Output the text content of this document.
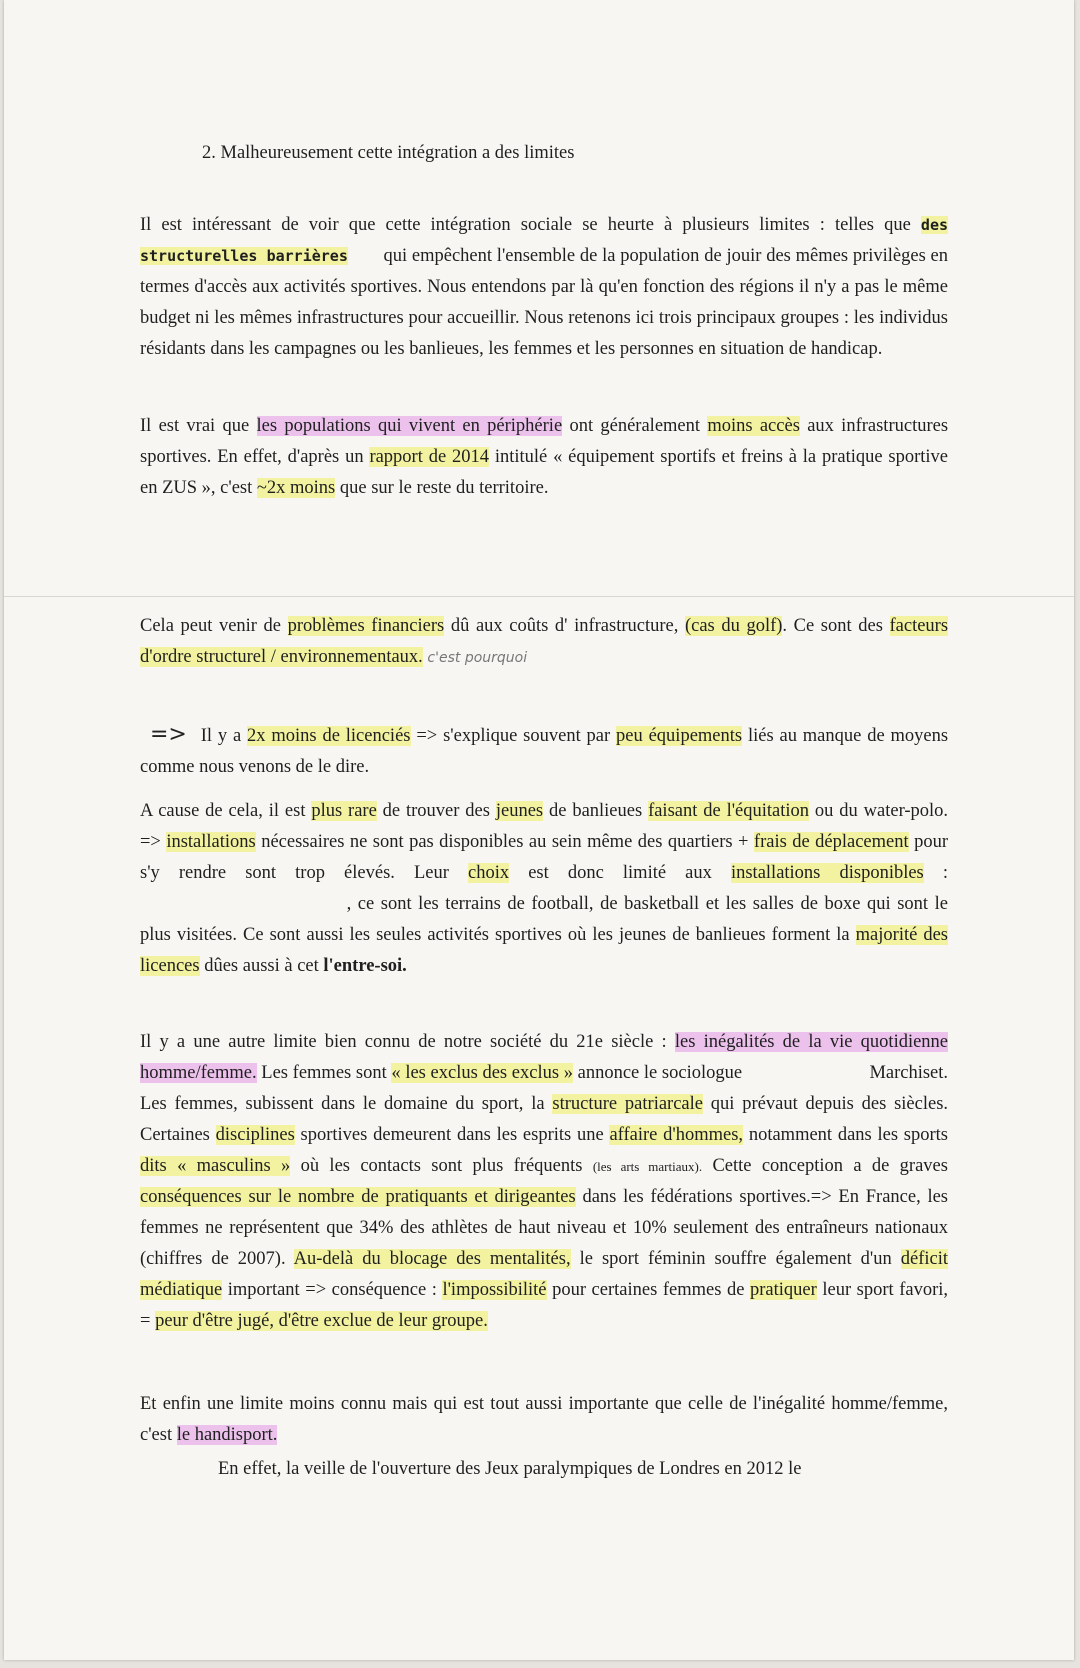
2. Malheureusement cette intégration a des limites

Il est intéressant de voir que cette intégration sociale se heurte à plusieurs limites : telles que des structurelles barrières qui empêchent l'ensemble de la population de jouir des mêmes privilèges en termes d'accès aux activités sportives. Nous entendons par là qu'en fonction des régions il n'y a pas le même budget ni les mêmes infrastructures pour accueillir. Nous retenons ici trois principaux groupes : les individus résidants dans les campagnes ou les banlieues, les femmes et les personnes en situation de handicap.

Il est vrai que les populations qui vivent en périphérie ont généralement moins accès aux infrastructures sportives. En effet, d'après un rapport de 2014 intitulé « équipement sportifs et freins à la pratique sportive en ZUS », c'est ~2x moins que sur le reste du territoire.

Cela peut venir de problèmes financiers dû aux coûts d' infrastructure, (cas du golf). Ce sont des facteurs d'ordre structurel / environnementaux. c'est pourquoi

=> Il y a 2x moins de licenciés => s'explique souvent par peu équipements liés au manque de moyens comme nous venons de le dire.

A cause de cela, il est plus rare de trouver des jeunes de banlieues faisant de l'équitation ou du water-polo. => installations nécessaires ne sont pas disponibles au sein même des quartiers + frais de déplacement pour s'y rendre sont trop élevés. Leur choix est donc limité aux installations disponibles :  , ce sont les terrains de football, de basketball et les salles de boxe qui sont le plus visitées. Ce sont aussi les seules activités sportives où les jeunes de banlieues forment la majorité des licences dûes aussi à cet l'entre-soi.

Il y a une autre limite bien connu de notre société du 21e siècle : les inégalités de la vie quotidienne homme/femme. Les femmes sont « les exclus des exclus » annonce le sociologue	Marchiset. Les femmes, subissent dans le domaine du sport, la structure patriarcale qui prévaut depuis des siècles. Certaines disciplines sportives demeurent dans les esprits une affaire d'hommes, notamment dans les sports dits « masculins » où les contacts sont plus fréquents (les arts martiaux). Cette conception a de graves conséquences sur le nombre de pratiquants et dirigeantes dans les fédérations sportives.=> En France, les femmes ne représentent que 34% des athlètes de haut niveau et 10% seulement des entraîneurs nationaux (chiffres de 2007). Au-delà du blocage des mentalités, le sport féminin souffre également d'un déficit médiatique important => conséquence : l'impossibilité pour certaines femmes de pratiquer leur sport favori, = peur d'être jugé, d'être exclue de leur groupe.

Et enfin une limite moins connu mais qui est tout aussi importante que celle de l'inégalité homme/femme, c'est le handisport.

En effet, la veille de l'ouverture des Jeux paralympiques de Londres en 2012 le
